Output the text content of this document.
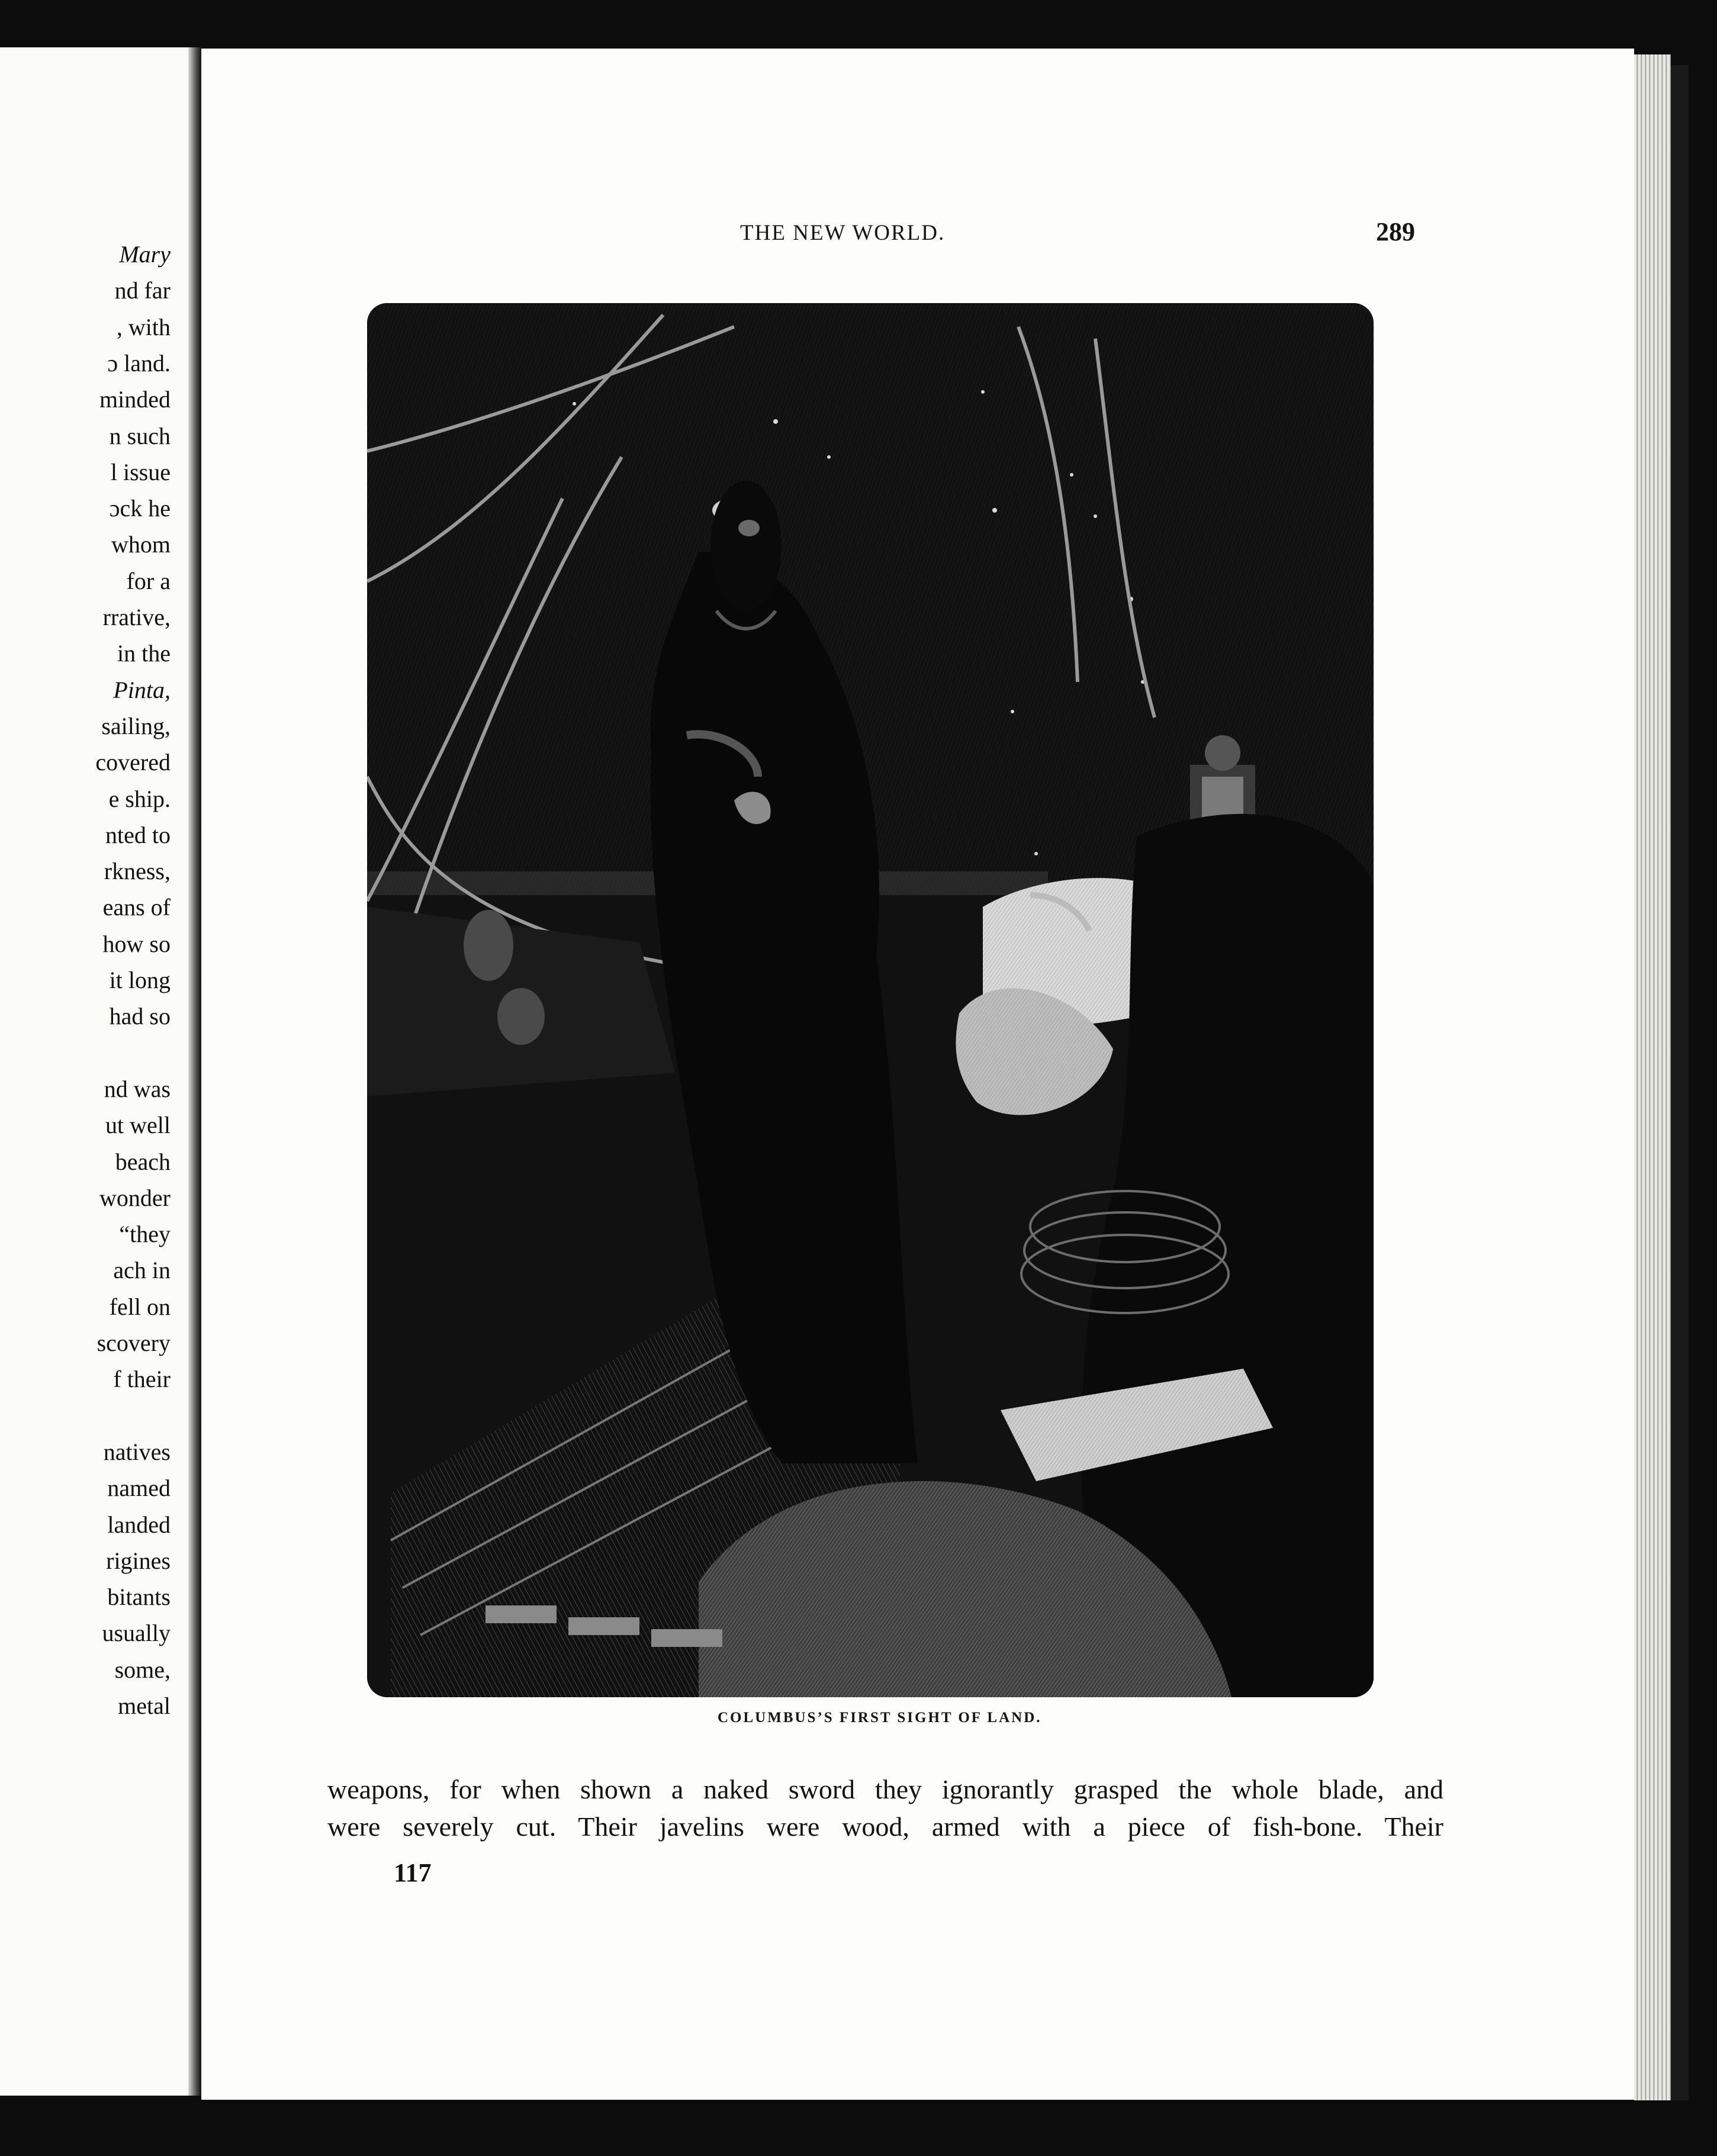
Mary
nd far
, with
ɔ land.
minded
n such
l issue
ɔck he
whom
for a
rrative,
in the
Pinta,
sailing,
covered
e ship.
nted to
rkness,
eans of
how so
it long
had so
nd was
ut well
beach
wonder
“they
ach in
fell on
scovery
f their
natives
named
landed
rigines
bitants
usually
some,
metal
THE NEW WORLD.	289
COLUMBUS’S FIRST SIGHT OF LAND.
weapons, for when shown a naked sword they ignorantly grasped the whole blade, and
were severely cut. Their javelins were wood, armed with a piece of fish-bone. Their
117
